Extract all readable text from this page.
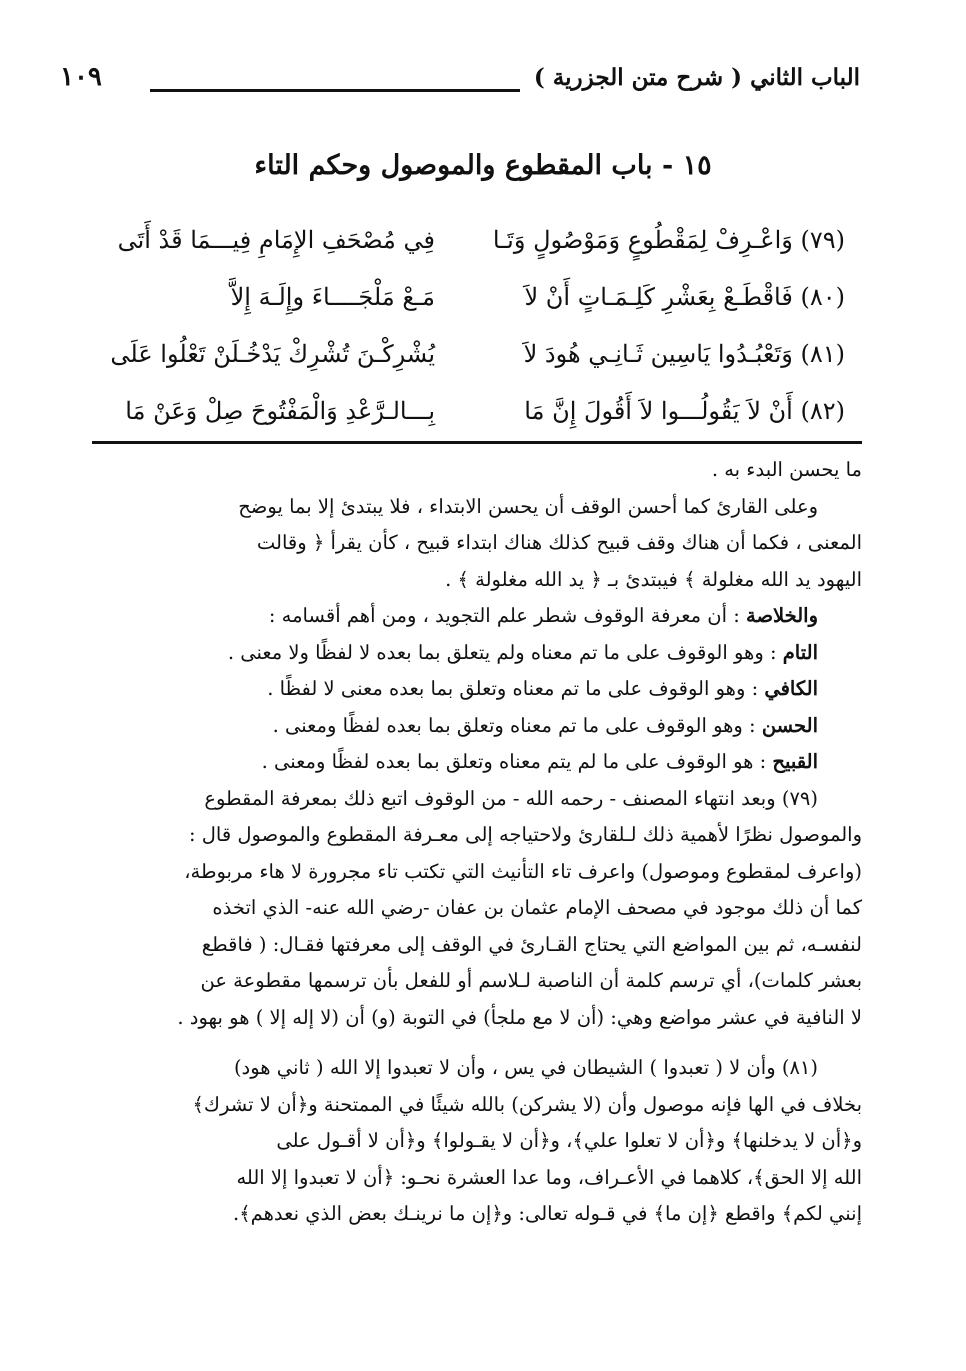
الباب الثاني ( شرح متن الجزرية )
١٠٩
١٥ - باب المقطوع والموصول وحكم التاء
(٧٩) وَاعْـرِفْ لِمَقْطُوعٍ وَمَوْصُولٍ وَتَـا
فِي مُصْحَفِ الإِمَامِ فِيـــمَا قَدْ أَتَى
(٨٠) فَاقْطَـعْ بِعَشْرِ كَلِـمَـاتٍ أَنْ لاَ
مَـعْ مَلْجَــــاءَ وإِلَـهَ إِلاَّ
(٨١) وَتَعْبُـدُوا يَاسِين ثَـانِـي هُودَ لاَ
يُشْرِكْـنَ تُشْرِكْ يَدْخُـلَنْ تَعْلُوا عَلَى
(٨٢) أَنْ لاَ يَقُولُـــوا لاَ أَقُولَ إِنَّ مَا
بِـــالـرَّعْدِ وَالْمَفْتُوحَ صِلْ وَعَنْ مَا
ما يحسن البدء به .
وعلى القارئ كما أحسن الوقف أن يحسن الابتداء ، فلا يبتدئ إلا بما يوضح
المعنى ، فكما أن هناك وقف قبيح كذلك هناك ابتداء قبيح ، كأن يقرأ ﴿ وقالت
اليهود يد الله مغلولة ﴾ فيبتدئ بـ ﴿ يد الله مغلولة ﴾ .
والخلاصة : أن معرفة الوقوف شطر علم التجويد ، ومن أهم أقسامه :
التام : وهو الوقوف على ما تم معناه ولم يتعلق بما بعده لا لفظًا ولا معنى .
الكافي : وهو الوقوف على ما تم معناه وتعلق بما بعده معنى لا لفظًا .
الحسن : وهو الوقوف على ما تم معناه وتعلق بما بعده لفظًا ومعنى .
القبيح : هو الوقوف على ما لم يتم معناه وتعلق بما بعده لفظًا ومعنى .
(٧٩) وبعد انتهاء المصنف - رحمه الله - من الوقوف اتبع ذلك بمعرفة المقطوع
والموصول نظرًا لأهمية ذلك لـلقارئ ولاحتياجه إلى معـرفة المقطوع والموصول قال :
(واعرف لمقطوع وموصول) واعرف تاء التأنيث التي تكتب تاء مجرورة لا هاء مربوطة،
كما أن ذلك موجود في مصحف الإمام عثمان بن عفان -رضي الله عنه- الذي اتخذه
لنفسـه، ثم بين المواضع التي يحتاج القـارئ في الوقف إلى معرفتها فقـال: ( فاقطع
بعشر كلمات)، أي ترسم كلمة أن الناصبة لـلاسم أو للفعل بأن ترسمها مقطوعة عن
لا النافية في عشر مواضع وهي: (أن لا مع ملجأ) في التوبة (و) أن (لا إله إلا ) هو بهود .
(٨١) وأن لا ( تعبدوا ) الشيطان في يس ، وأن لا تعبدوا إلا الله ( ثاني هود)
بخلاف في الها فإنه موصول وأن (لا يشركن) بالله شيئًا في الممتحنة و﴿أن لا تشرك﴾
و﴿أن لا يدخلنها﴾ و﴿أن لا تعلوا علي﴾، و﴿أن لا يقـولوا﴾ و﴿أن لا أقـول على
الله إلا الحق﴾، كلاهما في الأعـراف، وما عدا العشرة نحـو: ﴿أن لا تعبدوا إلا الله
إنني لكم﴾ واقطع ﴿إن ما﴾ في قـوله تعالى: و﴿إن ما نرينـك بعض الذي نعدهم﴾.
